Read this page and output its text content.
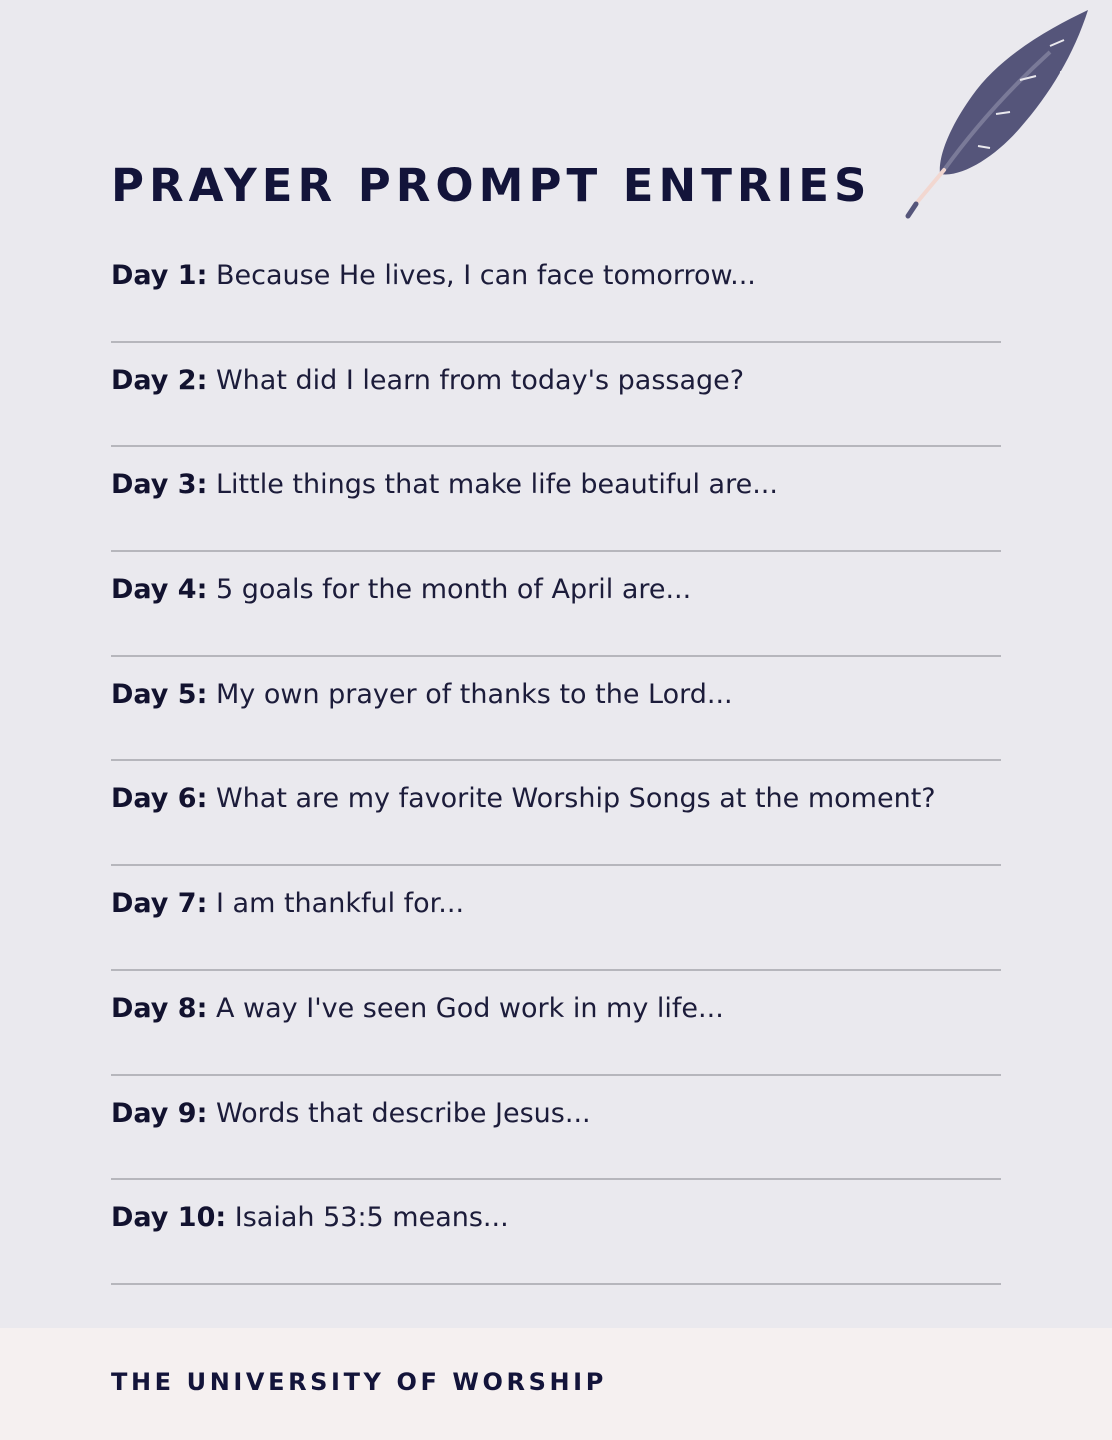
PRAYER PROMPT ENTRIES
Day 1: Because He lives, I can face tomorrow...
Day 2: What did I learn from today's passage?
Day 3: Little things that make life beautiful are...
Day 4: 5 goals for the month of April are...
Day 5: My own prayer of thanks to the Lord...
Day 6: What are my favorite Worship Songs at the moment?
Day 7: I am thankful for...
Day 8: A way I've seen God work in my life...
Day 9: Words that describe Jesus...
Day 10: Isaiah 53:5 means...
THE UNIVERSITY OF WORSHIP
